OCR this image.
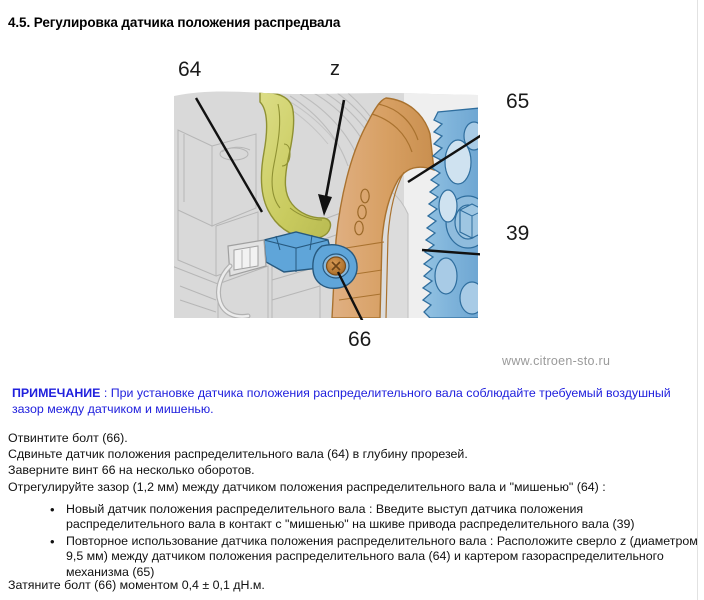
4.5. Регулировка датчика положения распредвала
64	z
65
39
66
www.citroen-sto.ru
ПРИМЕЧАНИЕ : При установке датчика положения распределительного вала соблюдайте требуемый воздушный зазор между датчиком и мишенью.
Отвинтите болт (66).
Сдвиньте датчик положения распределительного вала (64) в глубину прорезей.
Заверните винт 66 на несколько оборотов.
Отрегулируйте зазор (1,2 мм) между датчиком положения распределительного вала и "мишенью" (64) :
• Новый датчик положения распределительного вала : Введите выступ датчика положения распределительного вала в контакт с "мишенью" на шкиве привода распределительного вала (39)
• Повторное использование датчика положения распределительного вала : Расположите сверло z (диаметром 9,5 мм) между датчиком положения распределительного вала (64) и картером газораспределительного механизма (65)
Затяните болт (66) моментом 0,4 ± 0,1 дН.м.
